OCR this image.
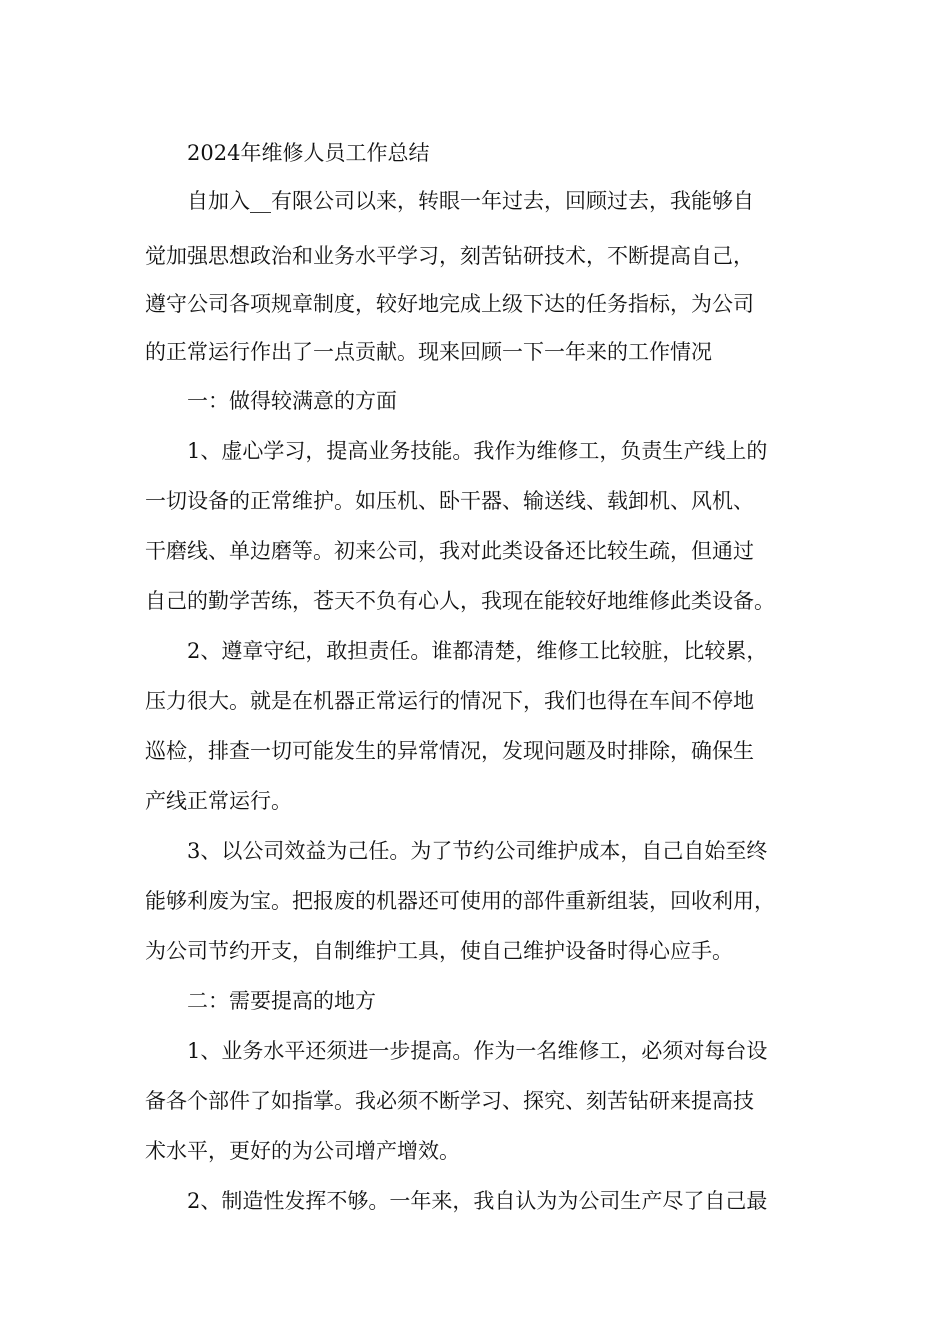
2024年维修人员工作总结
自加入__有限公司以来，转眼一年过去，回顾过去，我能够自
觉加强思想政治和业务水平学习，刻苦钻研技术，不断提高自己，
遵守公司各项规章制度，较好地完成上级下达的任务指标，为公司
的正常运行作出了一点贡献。现来回顾一下一年来的工作情况
一：做得较满意的方面
1、虚心学习，提高业务技能。我作为维修工，负责生产线上的
一切设备的正常维护。如压机、卧干器、输送线、载卸机、风机、
干磨线、单边磨等。初来公司，我对此类设备还比较生疏，但通过
自己的勤学苦练，苍天不负有心人，我现在能较好地维修此类设备。
2、遵章守纪，敢担责任。谁都清楚，维修工比较脏，比较累，
压力很大。就是在机器正常运行的情况下，我们也得在车间不停地
巡检，排查一切可能发生的异常情况，发现问题及时排除，确保生
产线正常运行。
3、以公司效益为己任。为了节约公司维护成本，自己自始至终
能够利废为宝。把报废的机器还可使用的部件重新组装，回收利用，
为公司节约开支，自制维护工具，使自己维护设备时得心应手。
二：需要提高的地方
1、业务水平还须进一步提高。作为一名维修工，必须对每台设
备各个部件了如指掌。我必须不断学习、探究、刻苦钻研来提高技
术水平，更好的为公司增产增效。
2、制造性发挥不够。一年来，我自认为为公司生产尽了自己最
